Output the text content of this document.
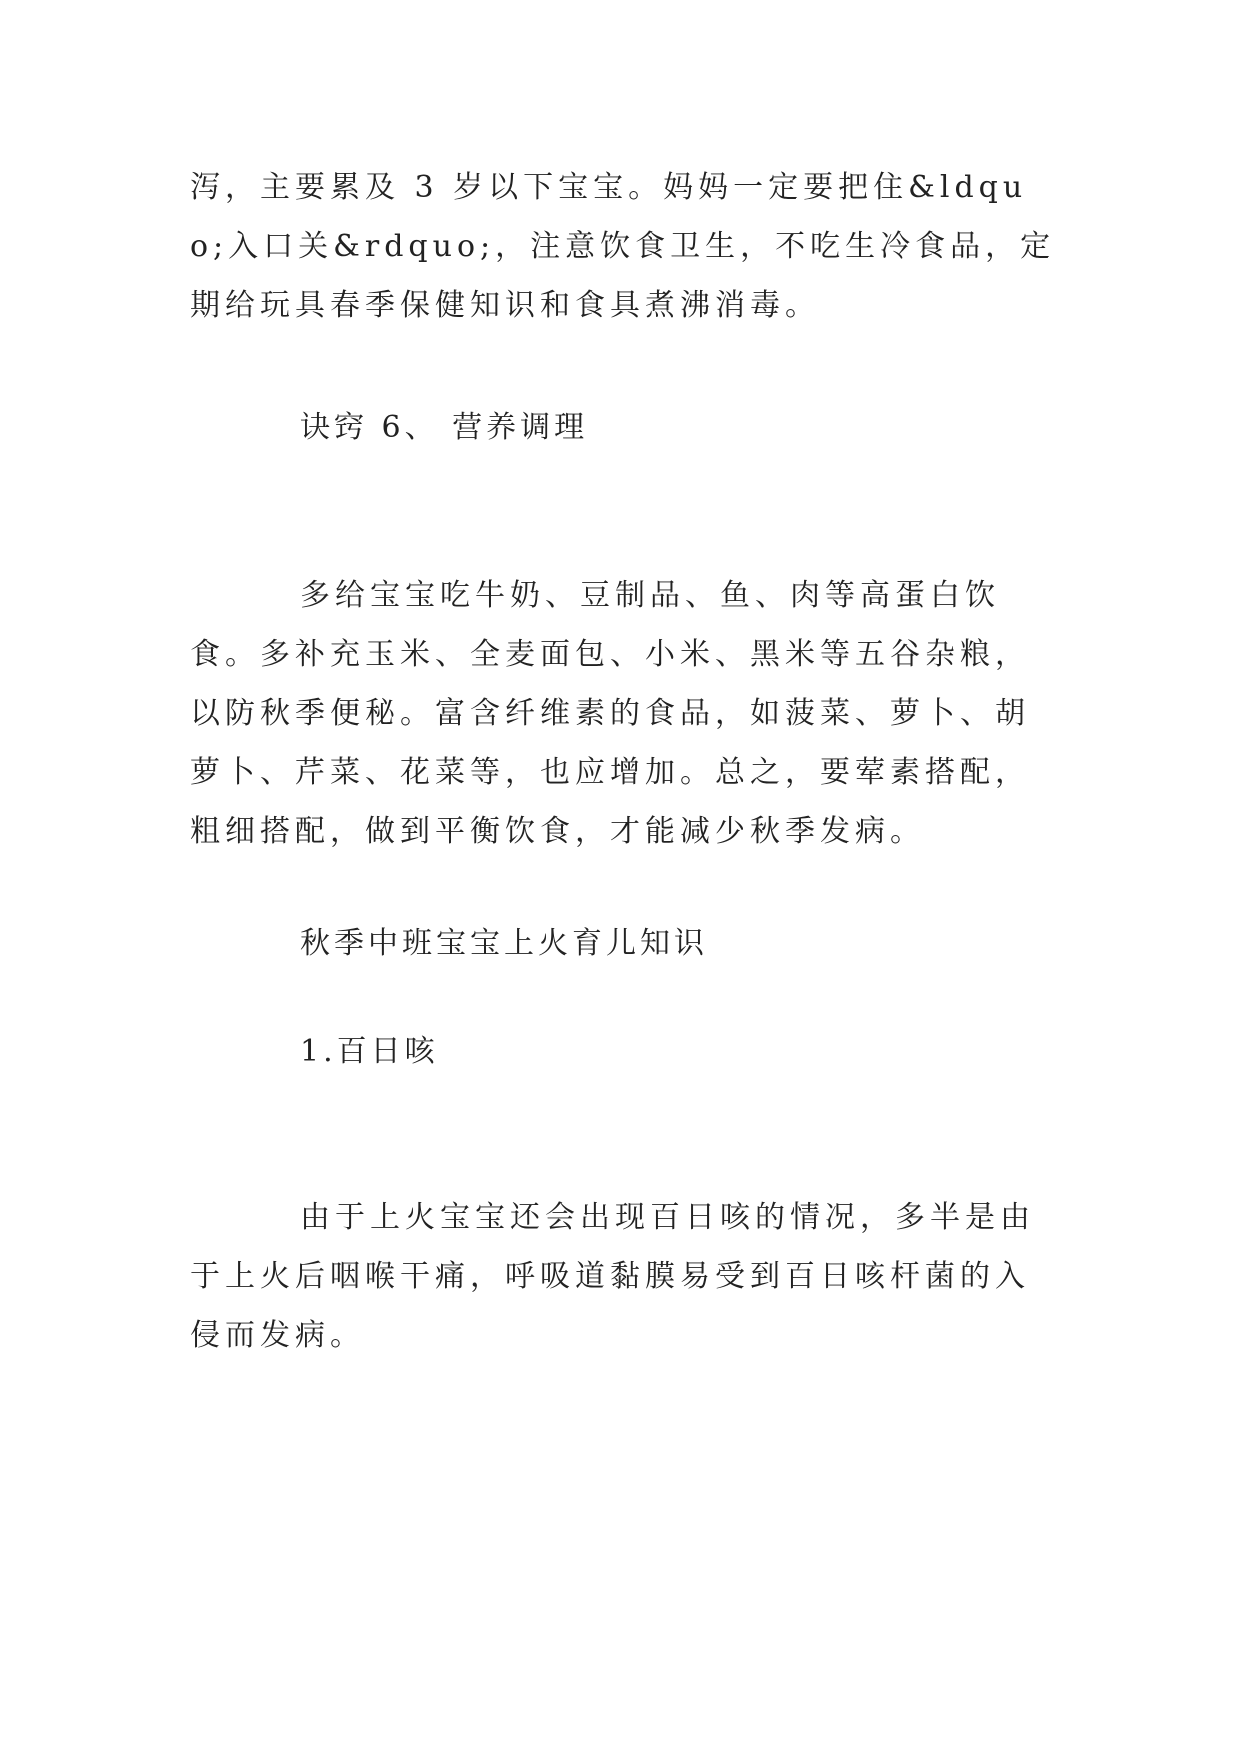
泻，主要累及 3 岁以下宝宝。妈妈一定要把住&ldquo;入口关&rdquo;，注意饮食卫生，不吃生冷食品，定期给玩具春季保健知识和食具煮沸消毒。

诀窍 6、 营养调理

多给宝宝吃牛奶、豆制品、鱼、肉等高蛋白饮食。多补充玉米、全麦面包、小米、黑米等五谷杂粮，以防秋季便秘。富含纤维素的食品，如菠菜、萝卜、胡萝卜、芹菜、花菜等，也应增加。总之，要荤素搭配，粗细搭配，做到平衡饮食，才能减少秋季发病。

秋季中班宝宝上火育儿知识

1.百日咳

由于上火宝宝还会出现百日咳的情况，多半是由于上火后咽喉干痛，呼吸道黏膜易受到百日咳杆菌的入侵而发病。
